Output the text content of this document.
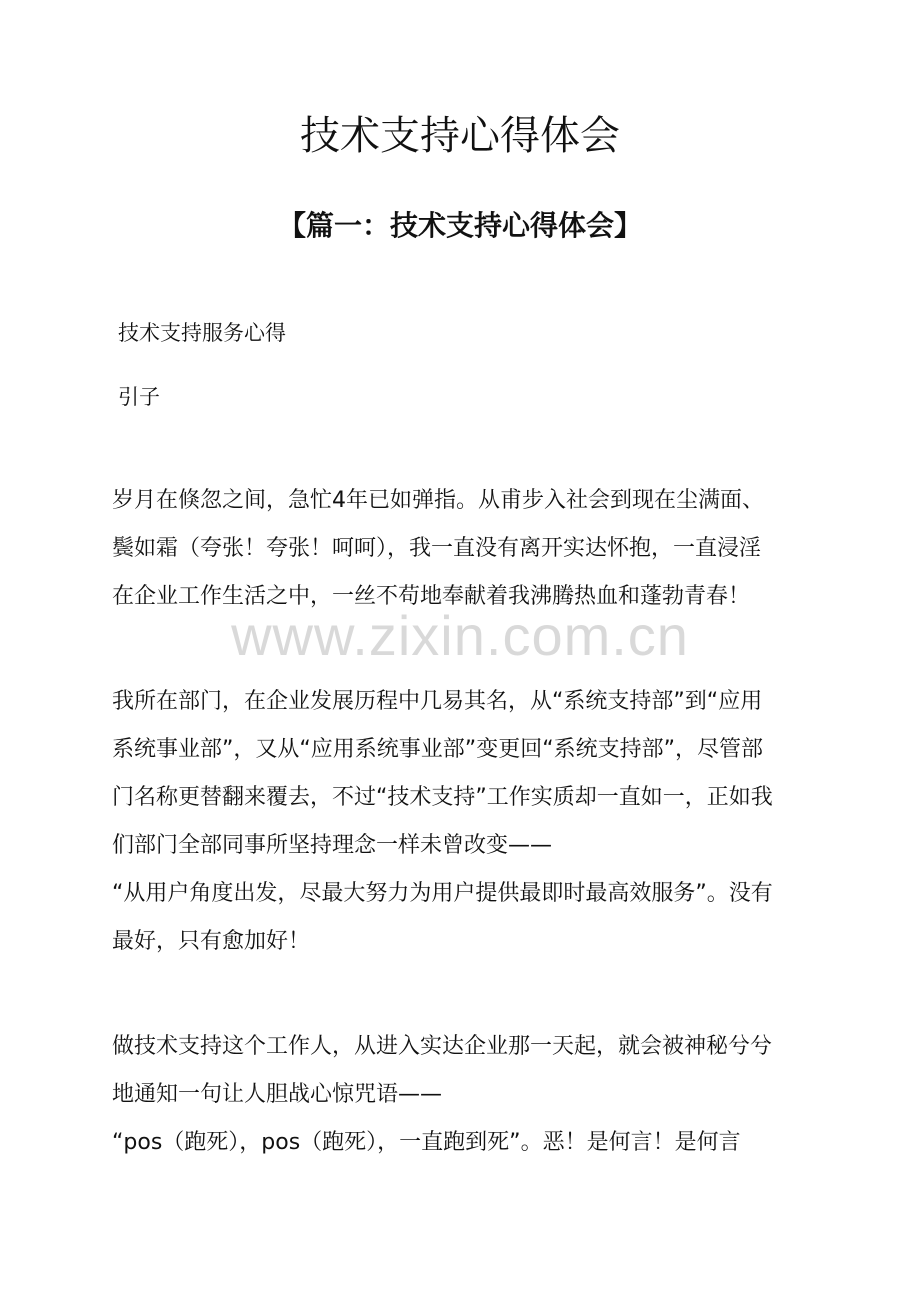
技术支持心得体会
【篇一：技术支持心得体会】

技术支持服务心得

引子

岁月在倏忽之间，急忙4年已如弹指。从甫步入社会到现在尘满面、
鬓如霜（夸张！夸张！呵呵），我一直没有离开实达怀抱，一直浸淫
在企业工作生活之中，一丝不苟地奉献着我沸腾热血和蓬勃青春！
我所在部门，在企业发展历程中几易其名，从“系统支持部”到“应用
系统事业部”，又从“应用系统事业部”变更回“系统支持部”，尽管部
门名称更替翻来覆去，不过“技术支持”工作实质却一直如一，正如我
们部门全部同事所坚持理念一样未曾改变——
“从用户角度出发，尽最大努力为用户提供最即时最高效服务”。没有
最好，只有愈加好！
做技术支持这个工作人，从进入实达企业那一天起，就会被神秘兮兮
地通知一句让人胆战心惊咒语——
“pos（跑死），pos（跑死），一直跑到死”。恶！是何言！是何言
www.zixin.com.cn
